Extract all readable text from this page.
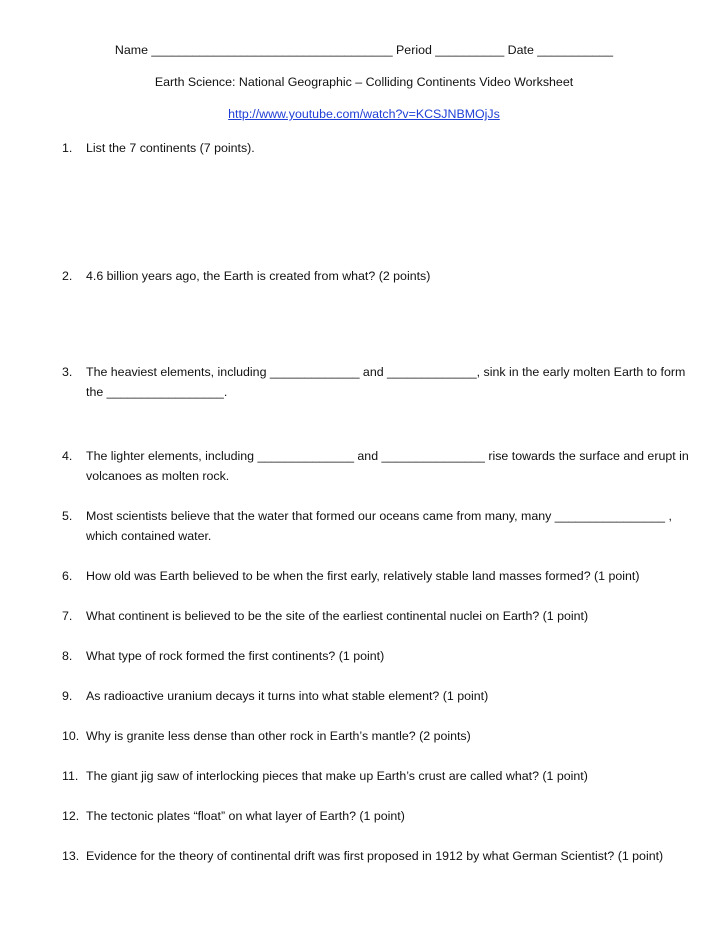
Name ___________________________________ Period __________ Date ___________
Earth Science: National Geographic – Colliding Continents Video Worksheet
http://www.youtube.com/watch?v=KCSJNBMOjJs
1. List the 7 continents (7 points).
2. 4.6 billion years ago, the Earth is created from what? (2 points)
3. The heaviest elements, including _____________ and _____________, sink in the early molten Earth to form the _________________.
4. The lighter elements, including ______________ and _______________ rise towards the surface and erupt in volcanoes as molten rock.
5. Most scientists believe that the water that formed our oceans came from many, many ________________ , which contained water.
6. How old was Earth believed to be when the first early, relatively stable land masses formed? (1 point)
7. What continent is believed to be the site of the earliest continental nuclei on Earth? (1 point)
8. What type of rock formed the first continents? (1 point)
9. As radioactive uranium decays it turns into what stable element? (1 point)
10. Why is granite less dense than other rock in Earth’s mantle? (2 points)
11. The giant jig saw of interlocking pieces that make up Earth’s crust are called what? (1 point)
12. The tectonic plates “float” on what layer of Earth? (1 point)
13. Evidence for the theory of continental drift was first proposed in 1912 by what German Scientist? (1 point)
